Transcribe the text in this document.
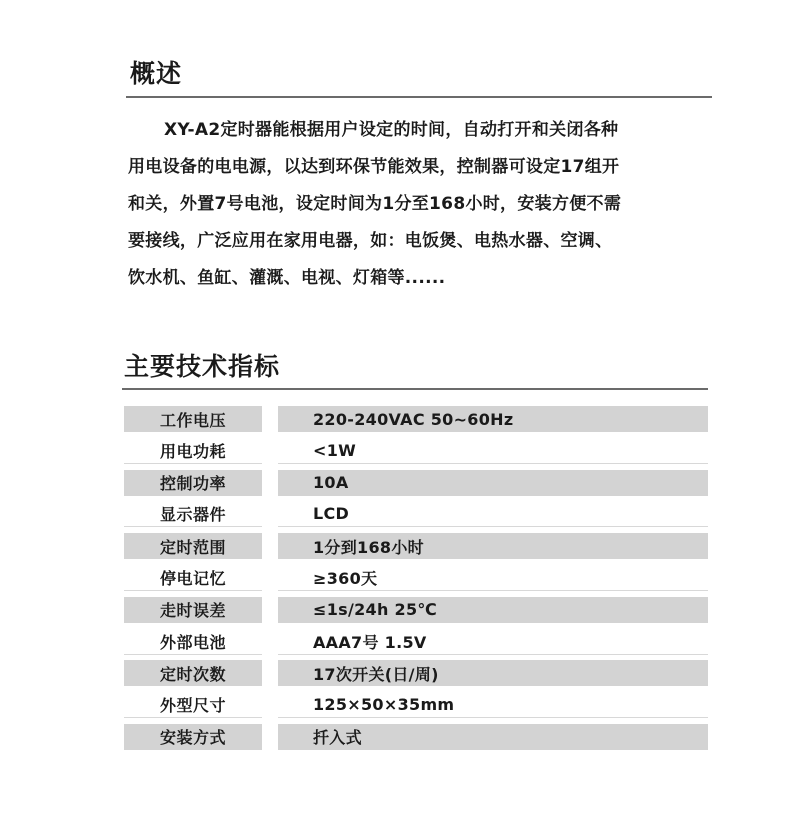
概述
XY-A2定时器能根据用户设定的时间，自动打开和关闭各种
用电设备的电电源，以达到环保节能效果，控制器可设定17组开
和关，外置7号电池，设定时间为1分至168小时，安装方便不需
要接线，广泛应用在家用电器，如：电饭煲、电热水器、空调、
饮水机、鱼缸、灌溉、电视、灯箱等......
主要技术指标
工作电压	220-240VAC 50~60Hz
用电功耗	<1W
控制功率	10A
显示器件	LCD
定时范围	1分到168小时
停电记忆	≥360天
走时误差	≤1s/24h 25℃
外部电池	AAA7号 1.5V
定时次数	17次开关(日/周)
外型尺寸	125×50×35mm
安装方式	扦入式
